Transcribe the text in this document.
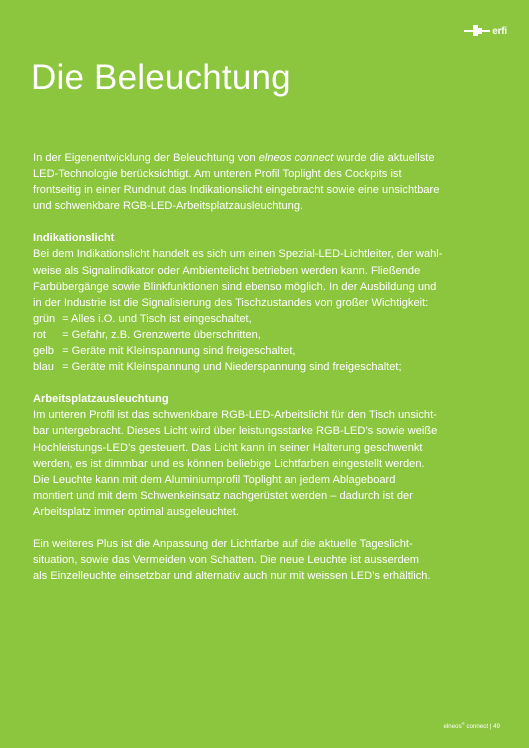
erfi
Die Beleuchtung

In der Eigenentwicklung der Beleuchtung von elneos connect wurde die aktuellste
LED-Technologie berücksichtigt. Am unteren Profil Toplight des Cockpits ist
frontseitig in einer Rundnut das Indikationslicht eingebracht sowie eine unsichtbare
und schwenkbare RGB-LED-Arbeitsplatzausleuchtung.

Indikationslicht
Bei dem Indikationslicht handelt es sich um einen Spezial-LED-Lichtleiter, der wahl-
weise als Signalindikator oder Ambientelicht betrieben werden kann. Fließende
Farbübergänge sowie Blinkfunktionen sind ebenso möglich. In der Ausbildung und
in der Industrie ist die Signalisierung des Tischzustandes von großer Wichtigkeit:
grün = Alles i.O. und Tisch ist eingeschaltet,
rot = Gefahr, z.B. Grenzwerte überschritten,
gelb = Geräte mit Kleinspannung sind freigeschaltet,
blau = Geräte mit Kleinspannung und Niederspannung sind freigeschaltet;

Arbeitsplatzausleuchtung
Im unteren Profil ist das schwenkbare RGB-LED-Arbeitslicht für den Tisch unsicht-
bar untergebracht. Dieses Licht wird über leistungsstarke RGB-LED’s sowie weiße
Hochleistungs-LED’s gesteuert. Das Licht kann in seiner Halterung geschwenkt
werden, es ist dimmbar und es können beliebige Lichtfarben eingestellt werden.
Die Leuchte kann mit dem Aluminiumprofil Toplight an jedem Ablageboard
montiert und mit dem Schwenkeinsatz nachgerüstet werden – dadurch ist der
Arbeitsplatz immer optimal ausgeleuchtet.

Ein weiteres Plus ist die Anpassung der Lichtfarbe auf die aktuelle Tageslicht-
situation, sowie das Vermeiden von Schatten. Die neue Leuchte ist ausserdem
als Einzelleuchte einsetzbar und alternativ auch nur mit weissen LED’s erhältlich.

elneos® connect | 49
